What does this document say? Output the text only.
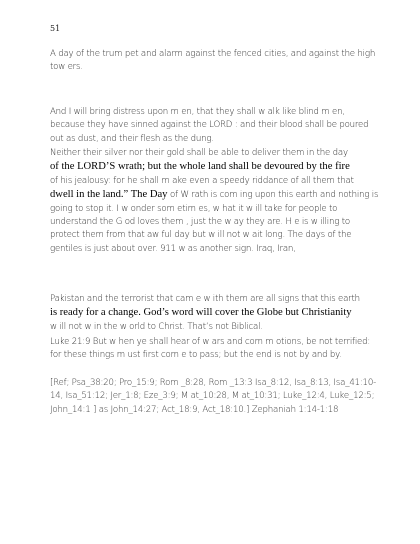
51
A day of the trum pet and alarm against the fenced cities, and against the high tow ers.
And I will bring distress upon m en, that they shall w alk like blind m en, because they have sinned against the LORD : and their blood shall be poured out as dust, and their flesh as the dung.
Neither their silver nor their gold shall be able to deliver them in the day
of the LORD’S wrath; but the whole land shall be devoured by the fire
of his jealousy: for he shall m ake even a speedy riddance of all them that
dwell in the land.” The Day of W rath is com ing upon this earth and nothing is going to stop it. I w onder som etim es, w hat it w ill take for people to understand the G od loves them , just the w ay they are. H e is w illing to protect them from that aw ful day but w ill not w ait long. The days of the gentiles is just about over. 911 w as another sign. Iraq, Iran,
Pakistan and the terrorist that cam e w ith them are all signs that this earth
is ready for a change. God’s word will cover the Globe but Christianity
w ill not w in the w orld to Christ. That’s not Biblical.
Luke 21:9 But w hen ye shall hear of w ars and com m otions, be not terrified: for these things m ust first com e to pass; but the end is not by and by.
[Ref; Psa_38:20; Pro_15:9; Rom _8:28, Rom _13:3 Isa_8:12, Isa_8:13, Isa_41:10-14, Isa_51:12; Jer_1:8; Eze_3:9; M at_10:28, M at_10:31; Luke_12:4, Luke_12:5; John_14:1 ] as John_14:27; Act_18:9, Act_18:10.] Zephaniah 1:14-1:18
